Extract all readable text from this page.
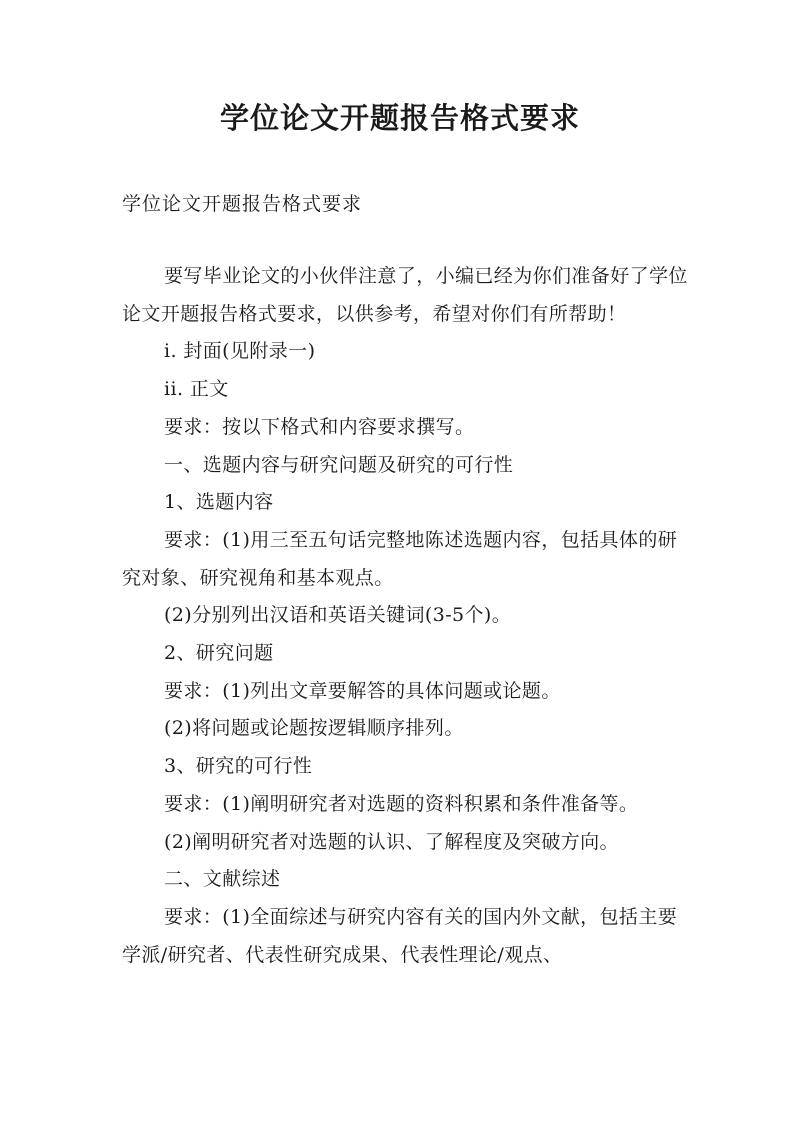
学位论文开题报告格式要求
学位论文开题报告格式要求

要写毕业论文的小伙伴注意了，小编已经为你们准备好了学位论文开题报告格式要求，以供参考，希望对你们有所帮助！

i. 封面(见附录一)

ii. 正文

要求：按以下格式和内容要求撰写。

一、选题内容与研究问题及研究的可行性

1、选题内容

要求：(1)用三至五句话完整地陈述选题内容，包括具体的研究对象、研究视角和基本观点。

(2)分别列出汉语和英语关键词(3-5个)。

2、研究问题

要求：(1)列出文章要解答的具体问题或论题。

(2)将问题或论题按逻辑顺序排列。

3、研究的可行性

要求：(1)阐明研究者对选题的资料积累和条件准备等。

(2)阐明研究者对选题的认识、了解程度及突破方向。

二、文献综述

要求：(1)全面综述与研究内容有关的国内外文献，包括主要学派/研究者、代表性研究成果、代表性理论/观点、
